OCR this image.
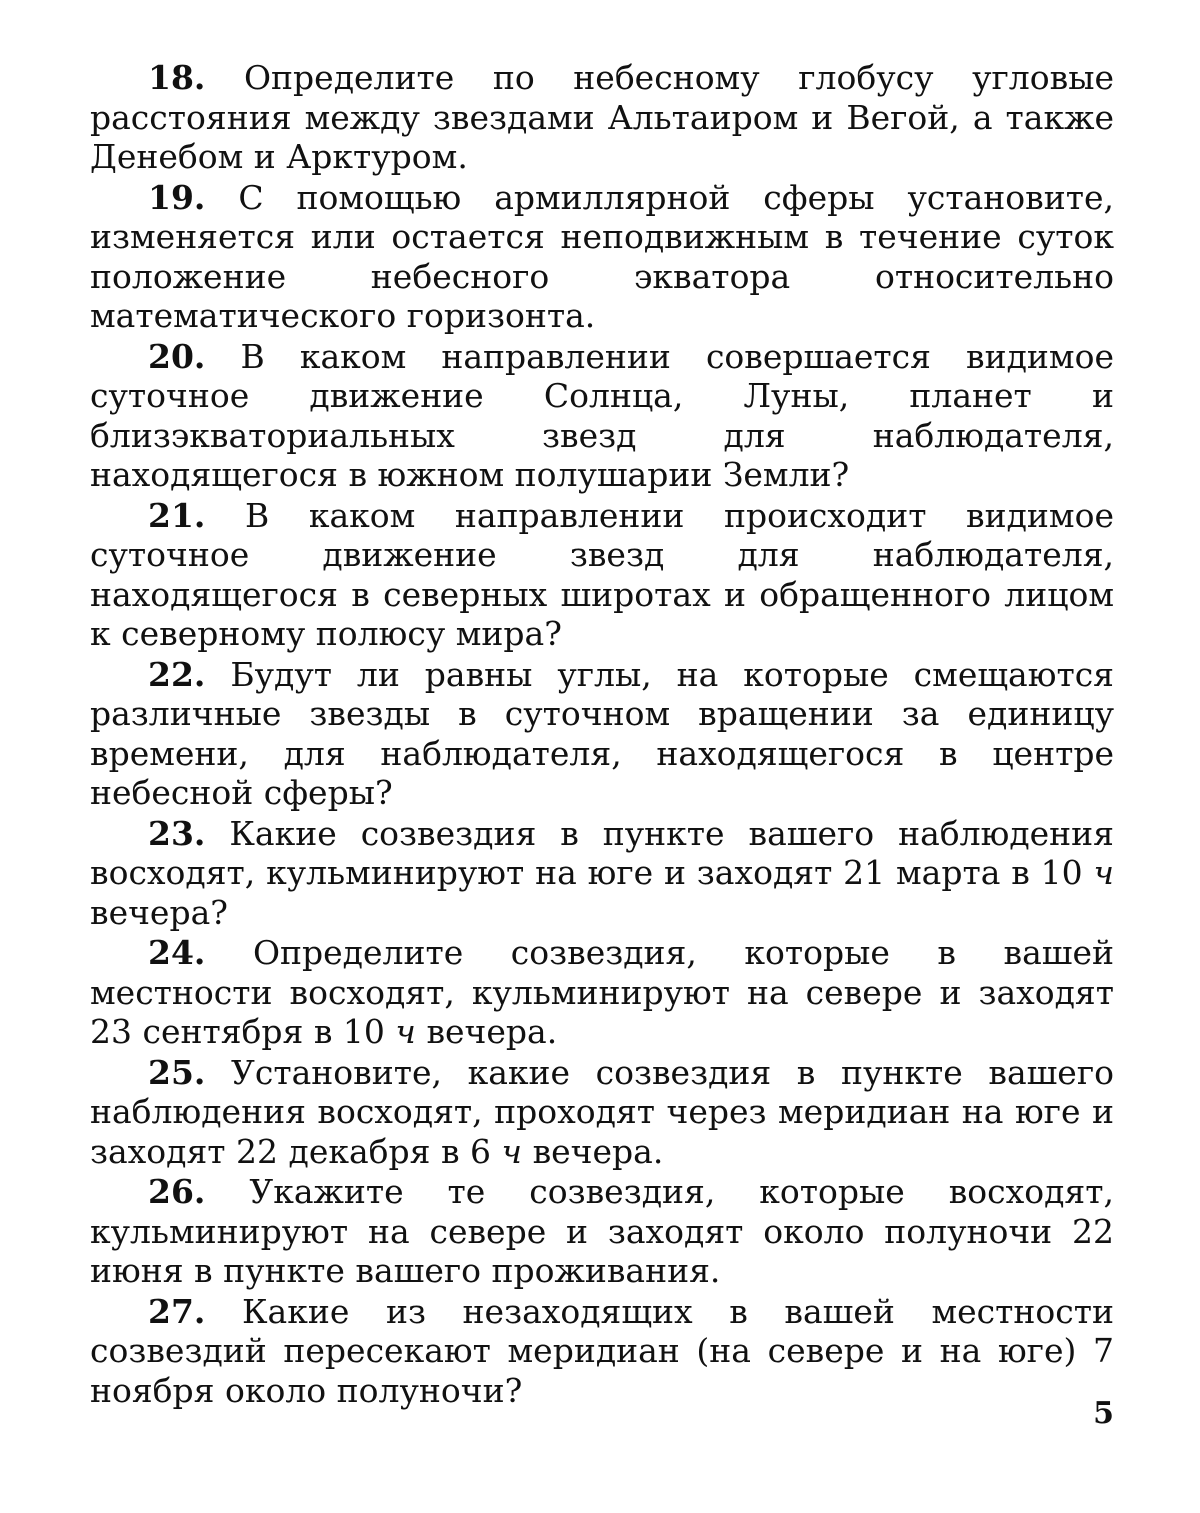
18. Определите по небесному глобусу угловые расстояния между звездами Альтаиром и Вегой, а также Денебом и Арктуром.

19. С помощью армиллярной сферы установите, изменяется или остается неподвижным в течение суток положение небесного экватора относительно математического горизонта.

20. В каком направлении совершается видимое суточное движение Солнца, Луны, планет и близэкваториальных звезд для наблюдателя, находящегося в южном полушарии Земли?

21. В каком направлении происходит видимое суточное движение звезд для наблюдателя, находящегося в северных широтах и обращенного лицом к северному полюсу мира?

22. Будут ли равны углы, на которые смещаются различные звезды в суточном вращении за единицу времени, для наблюдателя, находящегося в центре небесной сферы?

23. Какие созвездия в пункте вашего наблюдения восходят, кульминируют на юге и заходят 21 марта в 10 ч вечера?

24. Определите созвездия, которые в вашей местности восходят, кульминируют на севере и заходят 23 сентября в 10 ч вечера.

25. Установите, какие созвездия в пункте вашего наблюдения восходят, проходят через меридиан на юге и заходят 22 декабря в 6 ч вечера.

26. Укажите те созвездия, которые восходят, кульминируют на севере и заходят около полуночи 22 июня в пункте вашего проживания.

27. Какие из незаходящих в вашей местности созвездий пересекают меридиан (на севере и на юге) 7 ноября около полуночи?

5
